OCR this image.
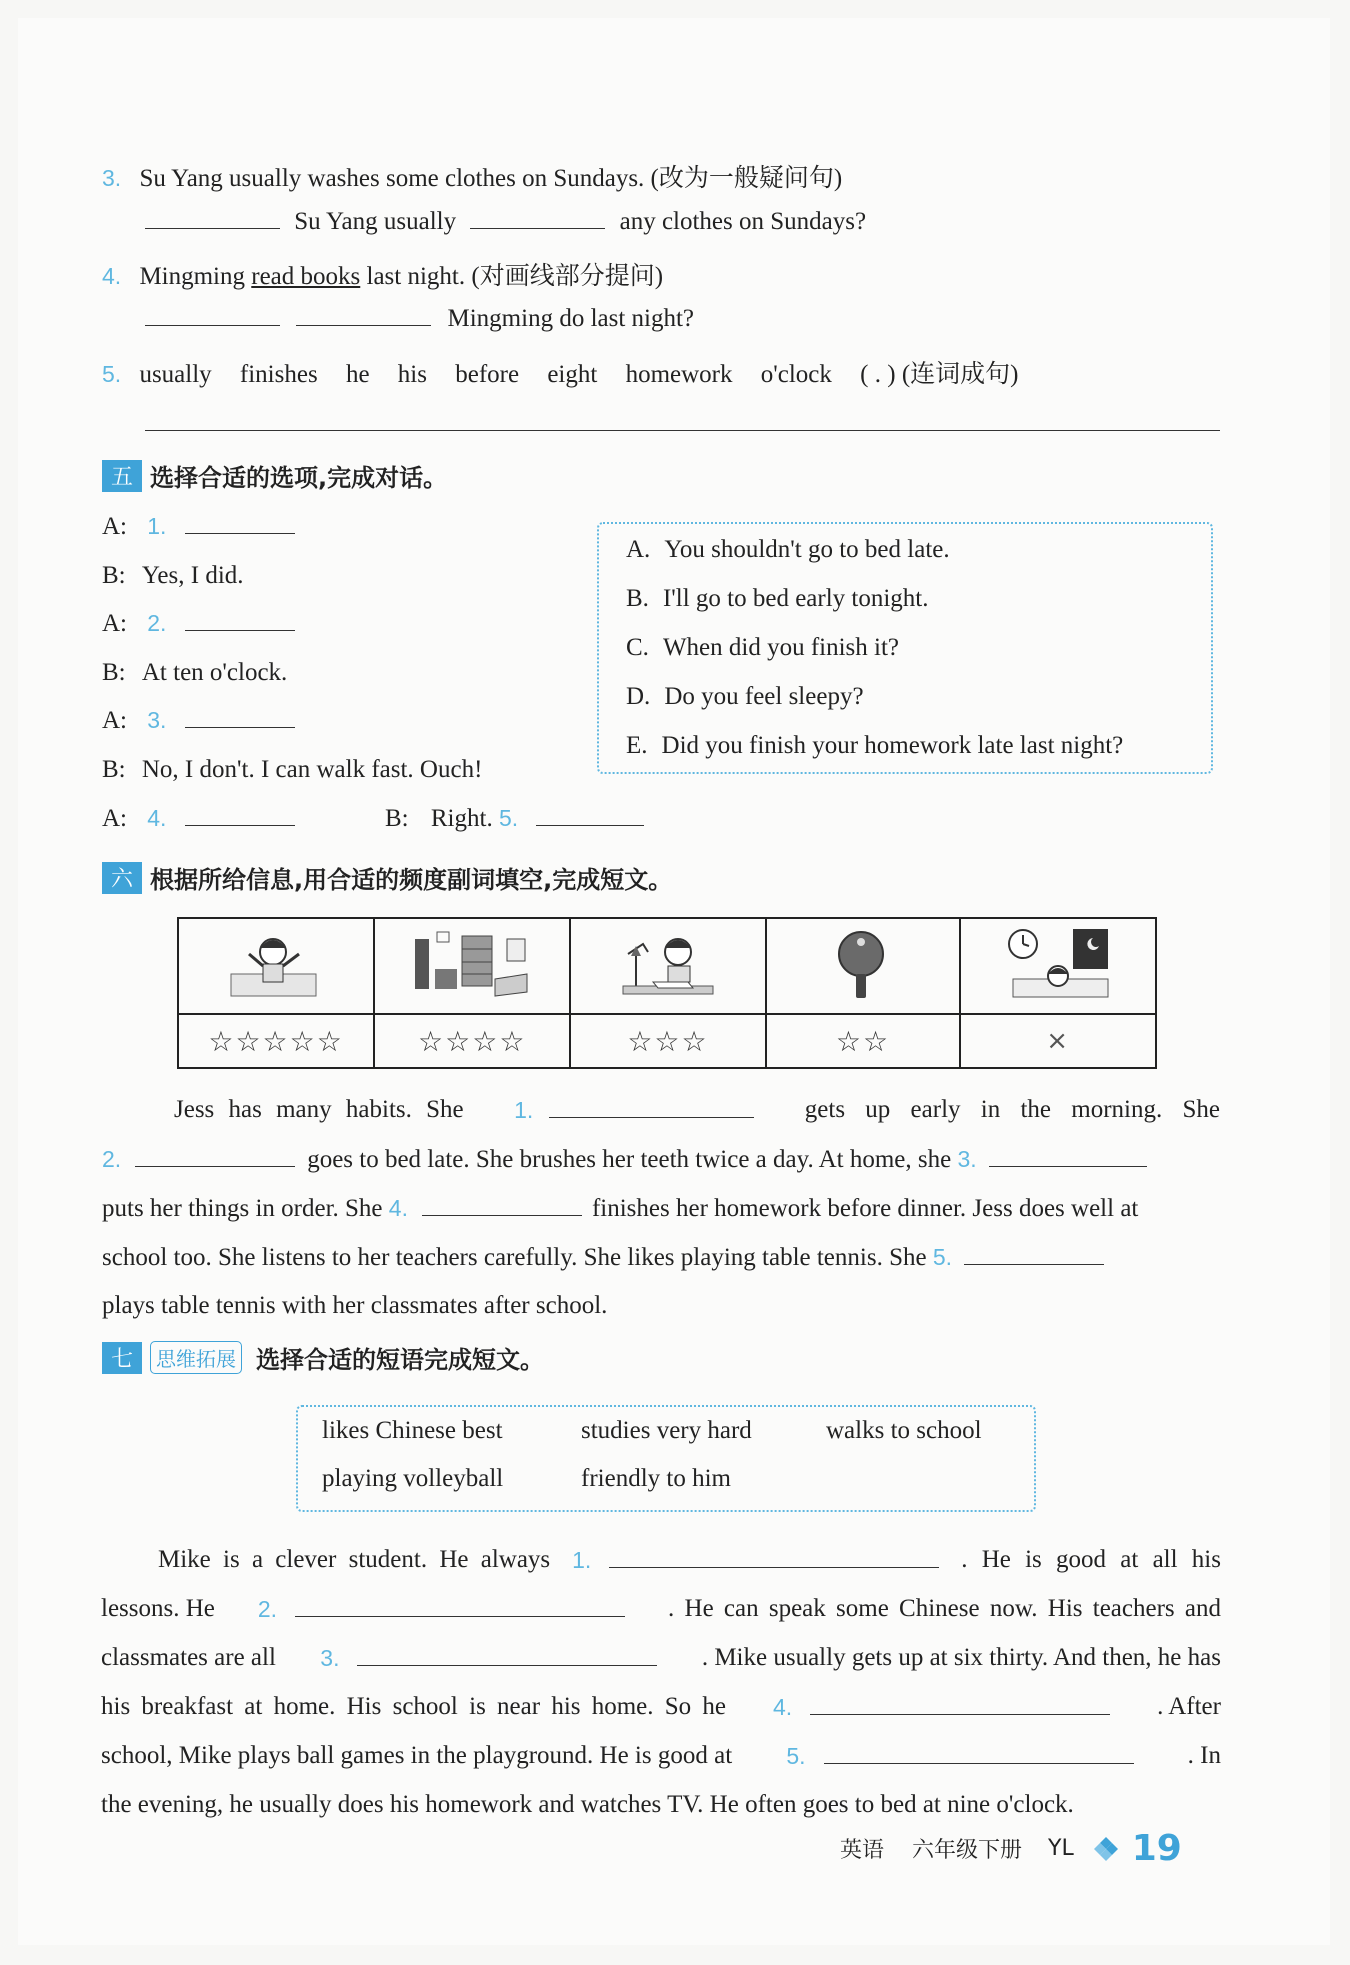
3. Su Yang usually washes some clothes on Sundays. (改为一般疑问句)
Su Yang usually	any clothes on Sundays?
4. Mingming read books last night. (对画线部分提问)
Mingming do last night?
5. usually finishes he his before eight homework o'clock ( . ) (连词成句)
五 选择合适的选项,完成对话。
A: 1.
B: Yes, I did.
A: 2.
B: At ten o'clock.
A: 3.
B: No, I don't. I can walk fast. Ouch!
A: 4.	B: Right. 5.
A. You shouldn't go to bed late.
B. I'll go to bed early tonight.
C. When did you finish it?
D. Do you feel sleepy?
E. Did you finish your homework late last night?
六 根据所给信息,用合适的频度副词填空,完成短文。

☆☆☆☆☆	☆☆☆☆	☆☆☆	☆☆	×
Jess has many habits. She 1.	gets up early in the morning. She
2.	goes to bed late. She brushes her teeth twice a day. At home, she 3.
puts her things in order. She 4.	finishes her homework before dinner. Jess does well at
school too. She listens to her teachers carefully. She likes playing table tennis. She 5.
plays table tennis with her classmates after school.
七	思维拓展 选择合适的短语完成短文。
likes Chinese best	studies very hard	walks to school
playing volleyball	friendly to him
Mike is a clever student. He always 1.	. He is good at all his
lessons. He 2.	. He can speak some Chinese now. His teachers and
classmates are all 3.	. Mike usually gets up at six thirty. And then, he has
his breakfast at home. His school is near his home. So he 4.	. After
school, Mike plays ball games in the playground. He is good at 5.	. In
the evening, he usually does his homework and watches TV. He often goes to bed at nine o'clock.
英语 六年级下册 YL 19
